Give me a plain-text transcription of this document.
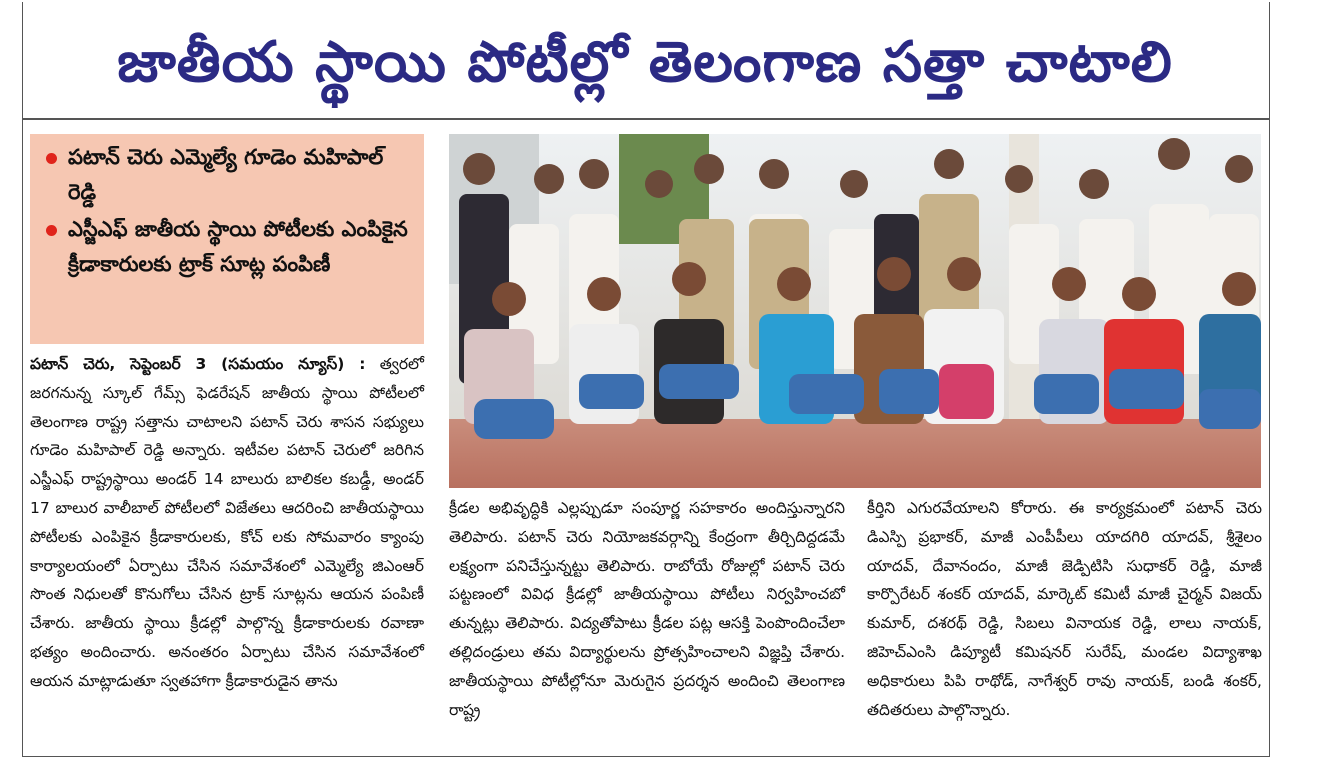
జాతీయ స్థాయి పోటీల్లో తెలంగాణ సత్తా చాటాలి
పటాన్ చెరు ఎమ్మెల్యే గూడెం మహిపాల్ రెడ్డి
ఎస్జీఎఫ్ జాతీయ స్థాయి పోటీలకు ఎంపికైన క్రీడాకారులకు ట్రాక్ సూట్ల పంపిణీ
పటాన్ చెరు, సెప్టెంబర్ 3 (సమయం న్యూస్) : త్వరలో జరగనున్న స్కూల్ గేమ్స్ ఫెడరేషన్ జాతీయ స్థాయి పోటీలలో తెలంగాణ రాష్ట్ర సత్తాను చాటాలని పటాన్ చెరు శాసన సభ్యులు గూడెం మహిపాల్ రెడ్డి అన్నారు. ఇటీవల పటాన్ చెరులో జరిగిన ఎస్జీఎఫ్ రాష్ట్రస్థాయి అండర్ 14 బాలురు బాలికల కబడ్డీ, అండర్ 17 బాలుర వాలీబాల్ పోటీలలో విజేతలు ఆదరించి జాతీయస్థాయి పోటీలకు ఎంపికైన క్రీడాకారులకు, కోచ్ లకు సోమవారం క్యాంపు కార్యాలయంలో ఏర్పాటు చేసిన సమావేశంలో ఎమ్మెల్యే జిఎంఆర్ సొంత నిధులతో కొనుగోలు చేసిన ట్రాక్ సూట్లను ఆయన పంపిణీ చేశారు. జాతీయ స్థాయి క్రీడల్లో పాల్గొన్న క్రీడాకారులకు రవాణా భత్యం అందించారు. అనంతరం ఏర్పాటు చేసిన సమావేశంలో ఆయన మాట్లాడుతూ స్వతహాగా క్రీడాకారుడైన తాను
క్రీడల అభివృద్ధికి ఎల్లప్పుడూ సంపూర్ణ సహకారం అందిస్తున్నారని తెలిపారు. పటాన్ చెరు నియోజకవర్గాన్ని కేంద్రంగా తీర్చిదిద్దడమే లక్ష్యంగా పనిచేస్తున్నట్టు తెలిపారు. రాబోయే రోజుల్లో పటాన్ చెరు పట్టణంలో వివిధ క్రీడల్లో జాతీయస్థాయి పోటీలు నిర్వహించబో తున్నట్లు తెలిపారు. విద్యతోపాటు క్రీడల పట్ల ఆసక్తి పెంపొందించేలా తల్లిదండ్రులు తమ విద్యార్థులను ప్రోత్సహించాలని విజ్ఞప్తి చేశారు. జాతీయస్థాయి పోటీల్లోనూ మెరుగైన ప్రదర్శన అందించి తెలంగాణ రాష్ట్ర
కీర్తిని ఎగురవేయాలని కోరారు. ఈ కార్యక్రమంలో పటాన్ చెరు డిఎస్పి ప్రభాకర్, మాజీ ఎంపీపీలు యాదగిరి యాదవ్, శ్రీశైలం యాదవ్, దేవానందం, మాజీ జెడ్పిటిసి సుధాకర్ రెడ్డి, మాజీ కార్పొరేటర్ శంకర్ యాదవ్, మార్కెట్ కమిటీ మాజీ చైర్మన్ విజయ్ కుమార్, దశరథ్ రెడ్డి, సిబలు వినాయక రెడ్డి, లాలు నాయక్, జిహెచ్ఎంసి డిప్యూటీ కమిషనర్ సురేష్, మండల విద్యాశాఖ అధికారులు పిపి రాథోడ్, నాగేశ్వర్ రావు నాయక్, బండి శంకర్, తదితరులు పాల్గొన్నారు.
